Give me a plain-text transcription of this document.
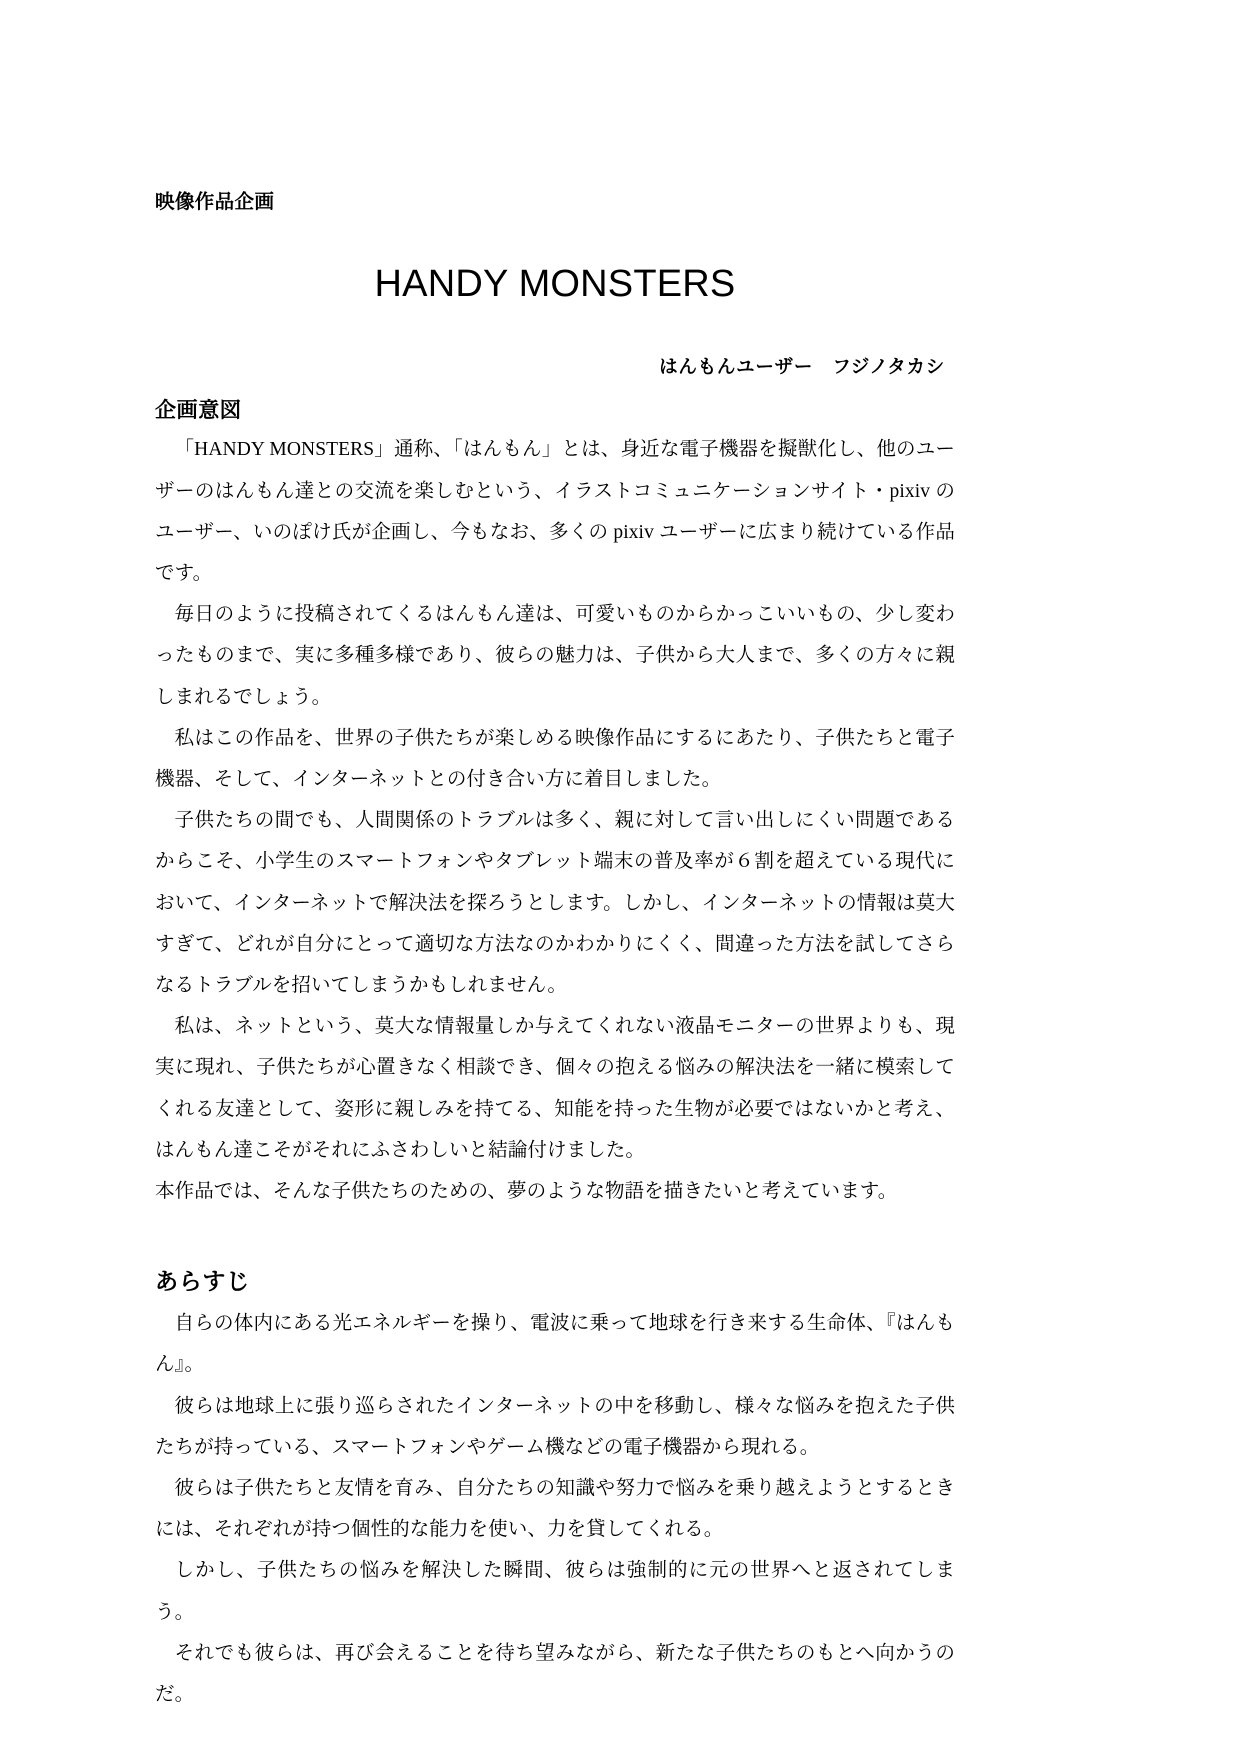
映像作品企画
HANDY MONSTERS
はんもんユーザー　フジノタカシ
企画意図

「HANDY MONSTERS」通称、「はんもん」とは、身近な電子機器を擬獣化し、他のユーザーのはんもん達との交流を楽しむという、イラストコミュニケーションサイト・pixiv のユーザー、いのぽけ氏が企画し、今もなお、多くの pixiv ユーザーに広まり続けている作品です。

毎日のように投稿されてくるはんもん達は、可愛いものからかっこいいもの、少し変わったものまで、実に多種多様であり、彼らの魅力は、子供から大人まで、多くの方々に親しまれるでしょう。

私はこの作品を、世界の子供たちが楽しめる映像作品にするにあたり、子供たちと電子機器、そして、インターネットとの付き合い方に着目しました。

子供たちの間でも、人間関係のトラブルは多く、親に対して言い出しにくい問題であるからこそ、小学生のスマートフォンやタブレット端末の普及率が６割を超えている現代において、インターネットで解決法を探ろうとします。しかし、インターネットの情報は莫大すぎて、どれが自分にとって適切な方法なのかわかりにくく、間違った方法を試してさらなるトラブルを招いてしまうかもしれません。

私は、ネットという、莫大な情報量しか与えてくれない液晶モニターの世界よりも、現実に現れ、子供たちが心置きなく相談でき、個々の抱える悩みの解決法を一緒に模索してくれる友達として、姿形に親しみを持てる、知能を持った生物が必要ではないかと考え、はんもん達こそがそれにふさわしいと結論付けました。

本作品では、そんな子供たちのための、夢のような物語を描きたいと考えています。

あらすじ

自らの体内にある光エネルギーを操り、電波に乗って地球を行き来する生命体、『はんもん』。

彼らは地球上に張り巡らされたインターネットの中を移動し、様々な悩みを抱えた子供たちが持っている、スマートフォンやゲーム機などの電子機器から現れる。

彼らは子供たちと友情を育み、自分たちの知識や努力で悩みを乗り越えようとするときには、それぞれが持つ個性的な能力を使い、力を貸してくれる。

しかし、子供たちの悩みを解決した瞬間、彼らは強制的に元の世界へと返されてしまう。

それでも彼らは、再び会えることを待ち望みながら、新たな子供たちのもとへ向かうのだ。
